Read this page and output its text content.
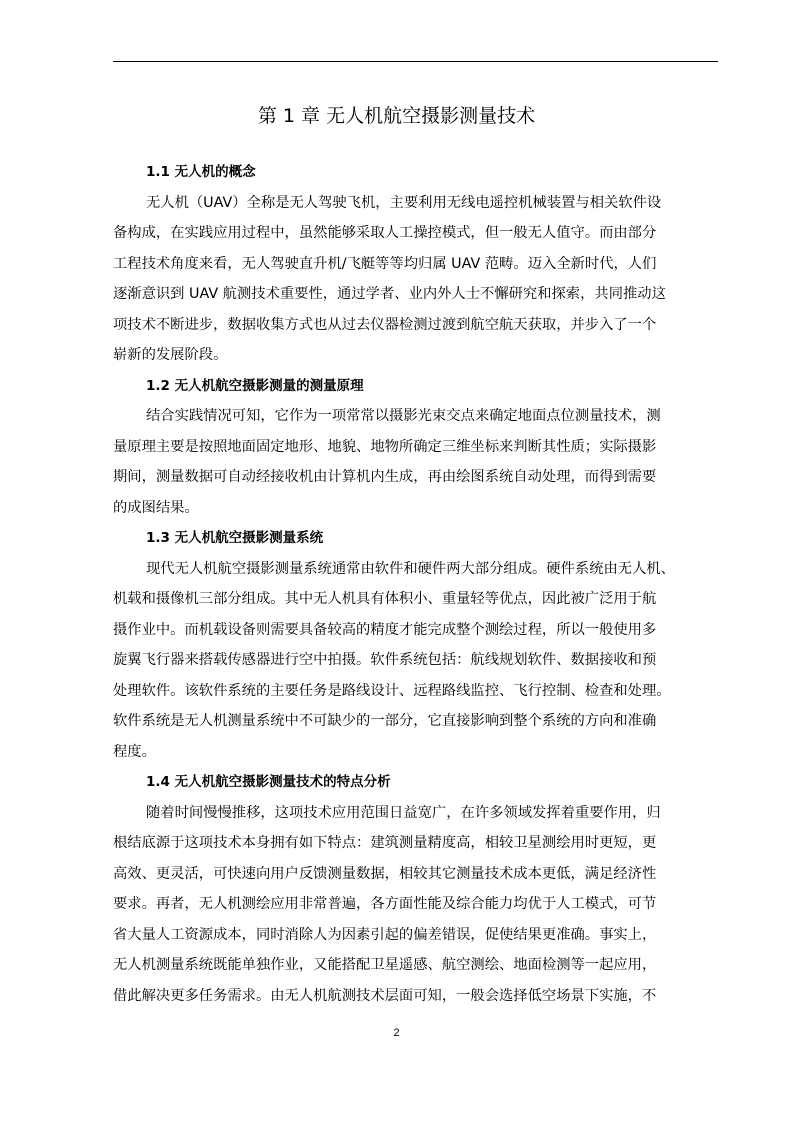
第 1 章 无人机航空摄影测量技术
1.1 无人机的概念
无人机（UAV）全称是无人驾驶飞机，主要利用无线电遥控机械装置与相关软件设
备构成，在实践应用过程中，虽然能够采取人工操控模式，但一般无人值守。而由部分
工程技术角度来看，无人驾驶直升机/飞艇等等均归属 UAV 范畴。迈入全新时代，人们
逐渐意识到 UAV 航测技术重要性，通过学者、业内外人士不懈研究和探索，共同推动这
项技术不断进步，数据收集方式也从过去仪器检测过渡到航空航天获取，并步入了一个
崭新的发展阶段。
1.2 无人机航空摄影测量的测量原理
结合实践情况可知，它作为一项常常以摄影光束交点来确定地面点位测量技术，测
量原理主要是按照地面固定地形、地貌、地物所确定三维坐标来判断其性质；实际摄影
期间，测量数据可自动经接收机由计算机内生成，再由绘图系统自动处理，而得到需要
的成图结果。
1.3 无人机航空摄影测量系统
现代无人机航空摄影测量系统通常由软件和硬件两大部分组成。硬件系统由无人机、
机载和摄像机三部分组成。其中无人机具有体积小、重量轻等优点，因此被广泛用于航
摄作业中。而机载设备则需要具备较高的精度才能完成整个测绘过程，所以一般使用多
旋翼飞行器来搭载传感器进行空中拍摄。软件系统包括：航线规划软件、数据接收和预
处理软件。该软件系统的主要任务是路线设计、远程路线监控、飞行控制、检查和处理。
软件系统是无人机测量系统中不可缺少的一部分，它直接影响到整个系统的方向和准确
程度。
1.4 无人机航空摄影测量技术的特点分析
随着时间慢慢推移，这项技术应用范围日益宽广，在许多领域发挥着重要作用，归
根结底源于这项技术本身拥有如下特点：建筑测量精度高，相较卫星测绘用时更短，更
高效、更灵活，可快速向用户反馈测量数据，相较其它测量技术成本更低，满足经济性
要求。再者，无人机测绘应用非常普遍，各方面性能及综合能力均优于人工模式，可节
省大量人工资源成本，同时消除人为因素引起的偏差错误，促使结果更准确。事实上，
无人机测量系统既能单独作业，又能搭配卫星遥感、航空测绘、地面检测等一起应用，
借此解决更多任务需求。由无人机航测技术层面可知，一般会选择低空场景下实施，不
2
